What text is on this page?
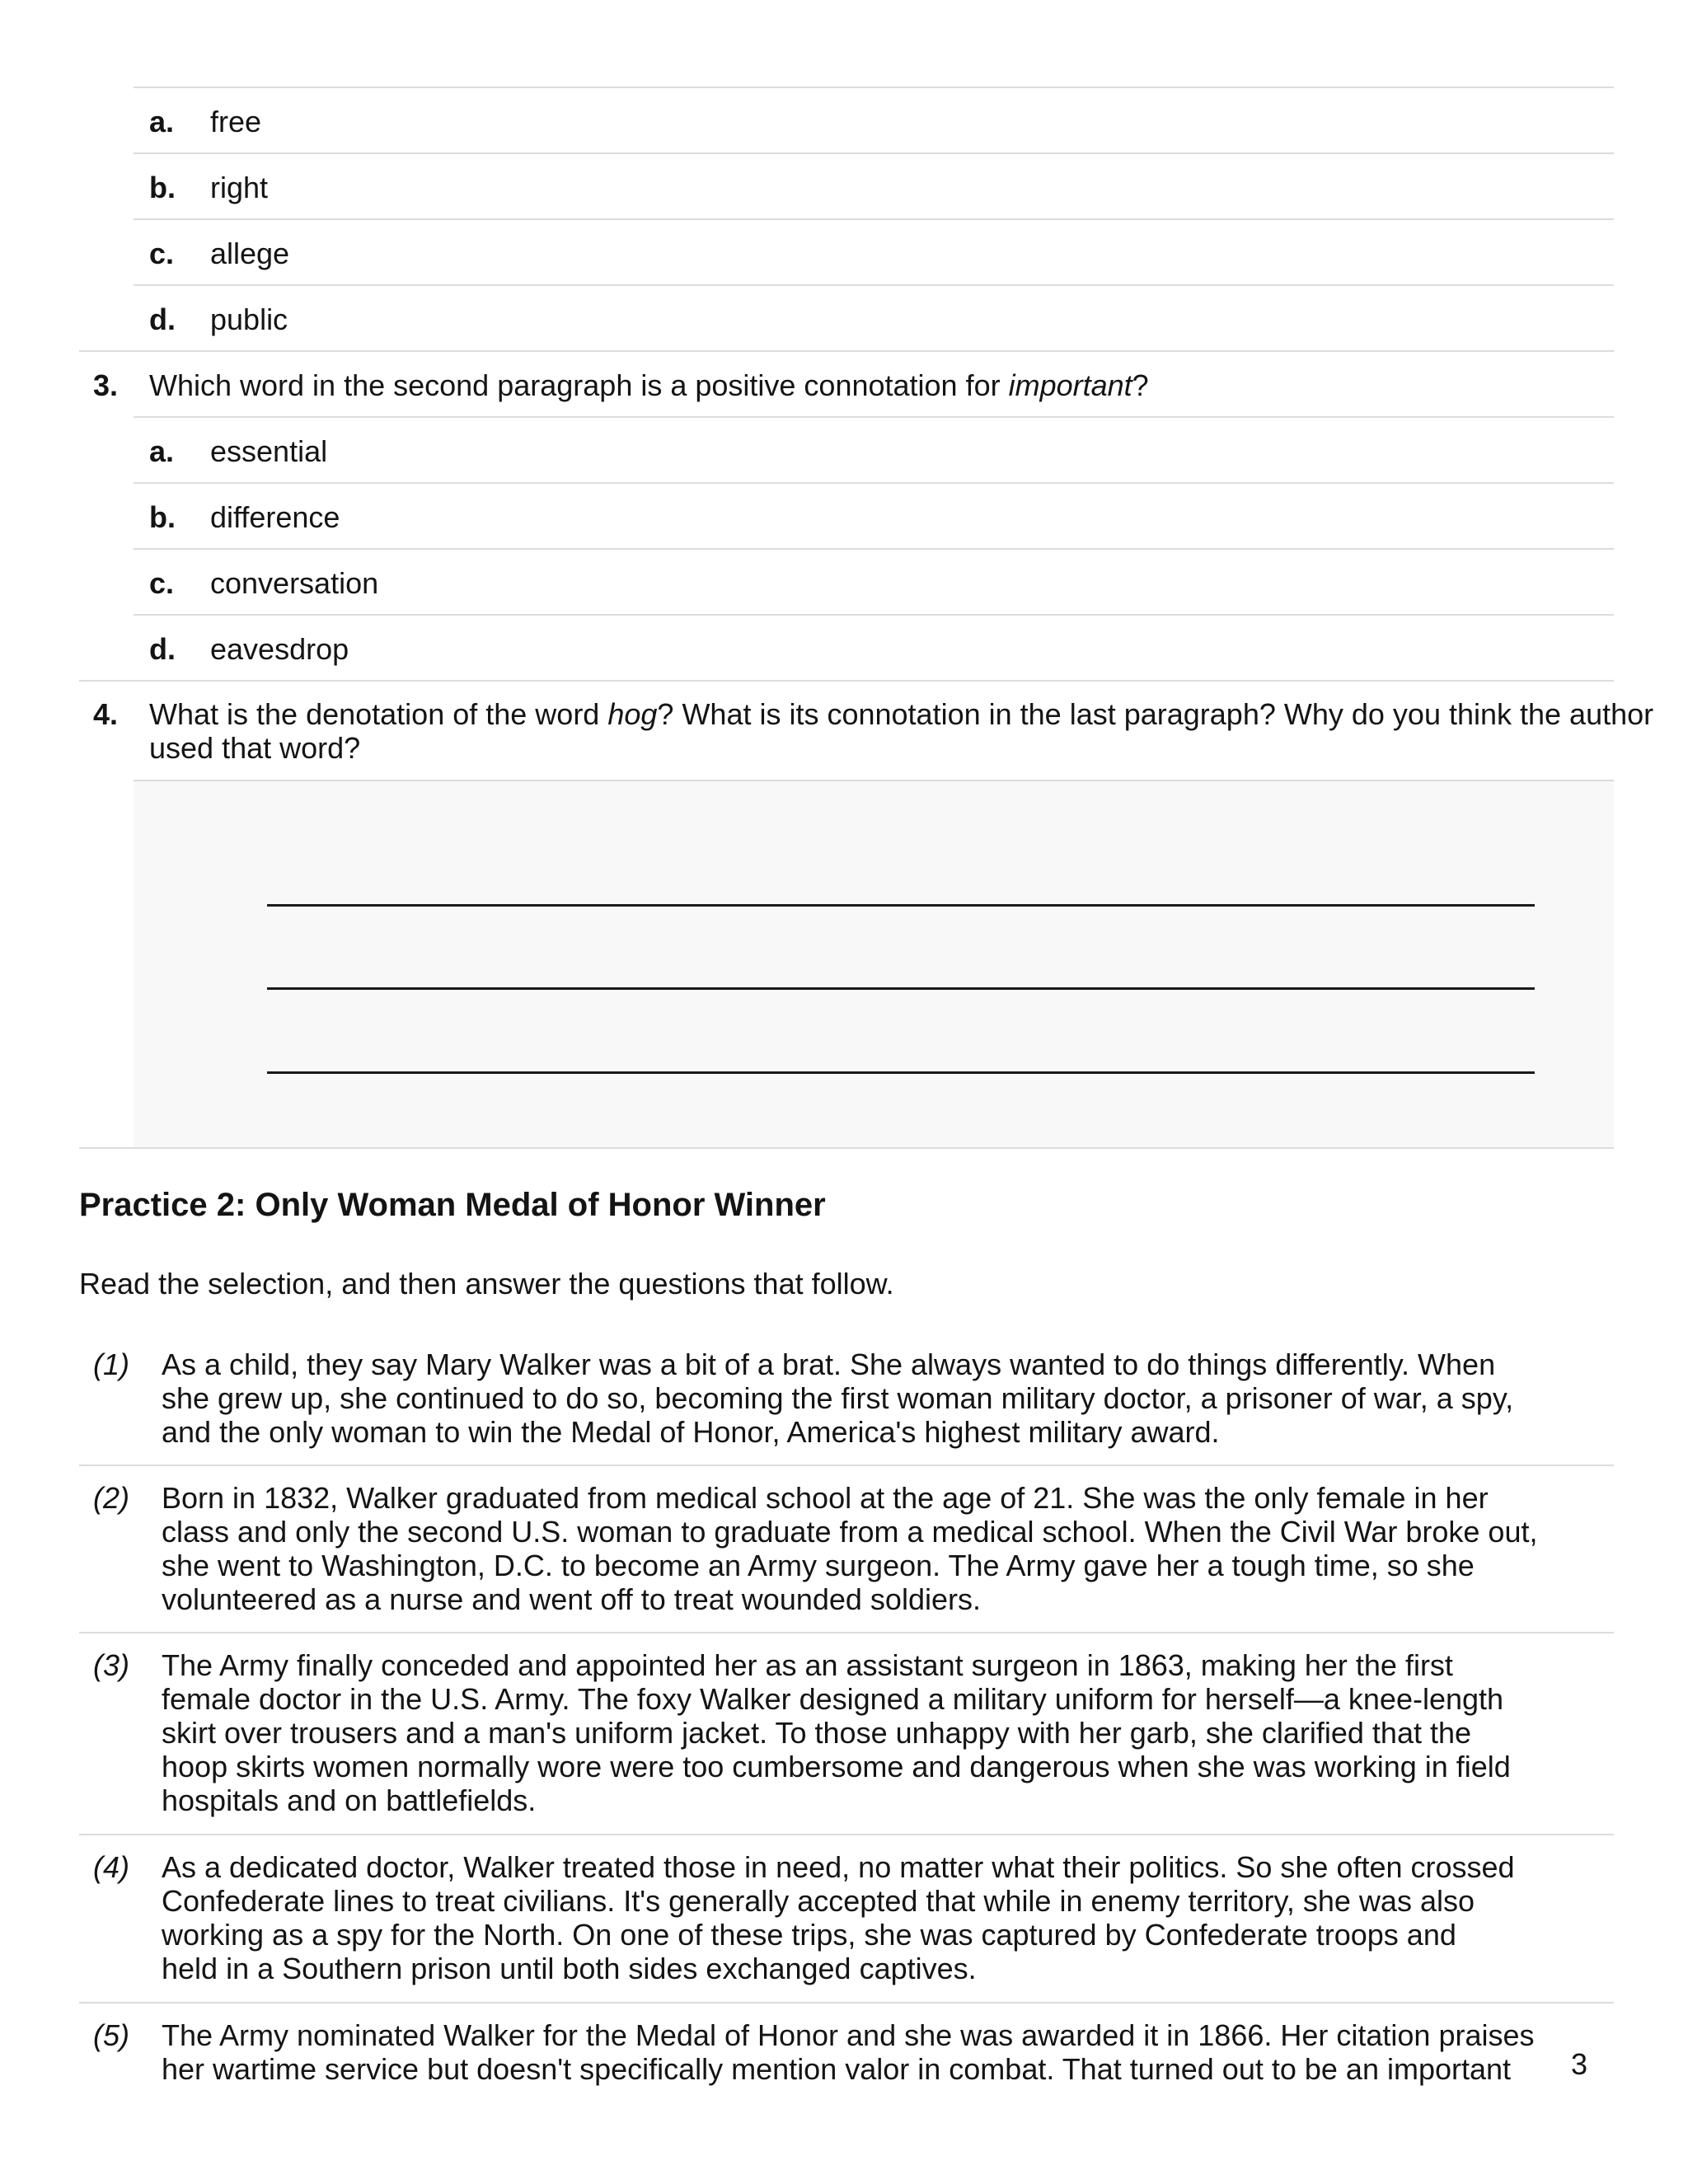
a. free
b. right
c. allege
d. public
3. Which word in the second paragraph is a positive connotation for important?
a. essential
b. difference
c. conversation
d. eavesdrop
4. What is the denotation of the word hog? What is its connotation in the last paragraph? Why do you think the author used that word?
Practice 2: Only Woman Medal of Honor Winner
Read the selection, and then answer the questions that follow.
(1) As a child, they say Mary Walker was a bit of a brat. She always wanted to do things differently. When
she grew up, she continued to do so, becoming the first woman military doctor, a prisoner of war, a spy,
and the only woman to win the Medal of Honor, America's highest military award.
(2) Born in 1832, Walker graduated from medical school at the age of 21. She was the only female in her
class and only the second U.S. woman to graduate from a medical school. When the Civil War broke out,
she went to Washington, D.C. to become an Army surgeon. The Army gave her a tough time, so she
volunteered as a nurse and went off to treat wounded soldiers.
(3) The Army finally conceded and appointed her as an assistant surgeon in 1863, making her the first
female doctor in the U.S. Army. The foxy Walker designed a military uniform for herself—a knee-length
skirt over trousers and a man's uniform jacket. To those unhappy with her garb, she clarified that the
hoop skirts women normally wore were too cumbersome and dangerous when she was working in field
hospitals and on battlefields.
(4) As a dedicated doctor, Walker treated those in need, no matter what their politics. So she often crossed
Confederate lines to treat civilians. It's generally accepted that while in enemy territory, she was also
working as a spy for the North. On one of these trips, she was captured by Confederate troops and
held in a Southern prison until both sides exchanged captives.
(5) The Army nominated Walker for the Medal of Honor and she was awarded it in 1866. Her citation praises
her wartime service but doesn't specifically mention valor in combat. That turned out to be an important	3
